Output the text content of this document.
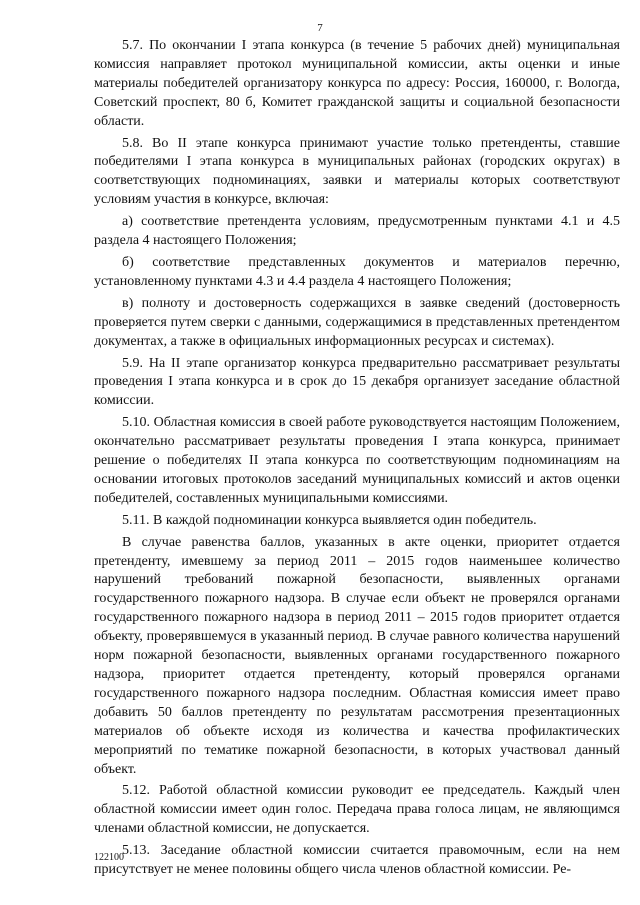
7

5.7. По окончании I этапа конкурса (в течение 5 рабочих дней) муниципальная комиссия направляет протокол муниципальной комиссии, акты оценки и иные материалы победителей организатору конкурса по адресу: Россия, 160000, г. Вологда, Советский проспект, 80 б, Комитет гражданской защиты и социальной безопасности области.

5.8. Во II этапе конкурса принимают участие только претенденты, ставшие победителями I этапа конкурса в муниципальных районах (городских округах) в соответствующих подноминациях, заявки и материалы которых соответствуют условиям участия в конкурсе, включая:

а) соответствие претендента условиям, предусмотренным пунктами 4.1 и 4.5 раздела 4 настоящего Положения;

б) соответствие представленных документов и материалов перечню, установленному пунктами 4.3 и 4.4 раздела 4 настоящего Положения;

в) полноту и достоверность содержащихся в заявке сведений (достоверность проверяется путем сверки с данными, содержащимися в представленных претендентом документах, а также в официальных информационных ресурсах и системах).

5.9. На II этапе организатор конкурса предварительно рассматривает результаты проведения I этапа конкурса и в срок до 15 декабря организует заседание областной комиссии.

5.10. Областная комиссия в своей работе руководствуется настоящим Положением, окончательно рассматривает результаты проведения I этапа конкурса, принимает решение о победителях II этапа конкурса по соответствующим подноминациям на основании итоговых протоколов заседаний муниципальных комиссий и актов оценки победителей, составленных муниципальными комиссиями.

5.11. В каждой подноминации конкурса выявляется один победитель.

В случае равенства баллов, указанных в акте оценки, приоритет отдается претенденту, имевшему за период 2011 – 2015 годов наименьшее количество нарушений требований пожарной безопасности, выявленных органами государственного пожарного надзора. В случае если объект не проверялся органами государственного пожарного надзора в период 2011 – 2015 годов приоритет отдается объекту, проверявшемуся в указанный период. В случае равного количества нарушений норм пожарной безопасности, выявленных органами государственного пожарного надзора, приоритет отдается претенденту, который проверялся органами государственного пожарного надзора последним. Областная комиссия имеет право добавить 50 баллов претенденту по результатам рассмотрения презентационных материалов об объекте исходя из количества и качества профилактических мероприятий по тематике пожарной безопасности, в которых участвовал данный объект.

5.12. Работой областной комиссии руководит ее председатель. Каждый член областной комиссии имеет один голос. Передача права голоса лицам, не являющимся членами областной комиссии, не допускается.

5.13. Заседание областной комиссии считается правомочным, если на нем присутствует не менее половины общего числа членов областной комиссии. Ре-

122100
